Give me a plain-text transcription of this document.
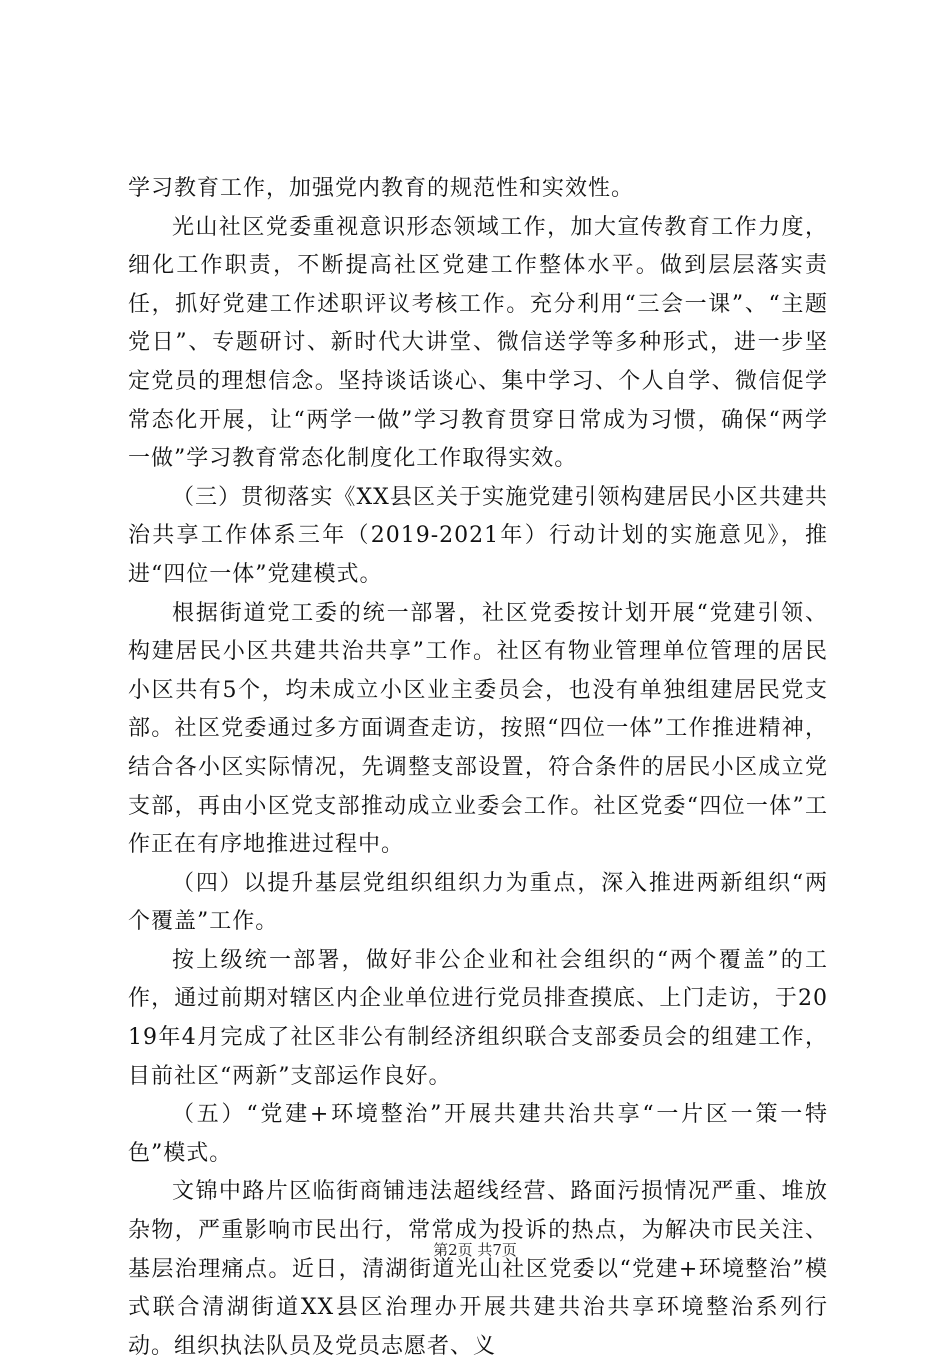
学习教育工作，加强党内教育的规范性和实效性。

光山社区党委重视意识形态领域工作，加大宣传教育工作力度，细化工作职责，不断提高社区党建工作整体水平。做到层层落实责任，抓好党建工作述职评议考核工作。充分利用“三会一课”、“主题党日”、专题研讨、新时代大讲堂、微信送学等多种形式，进一步坚定党员的理想信念。坚持谈话谈心、集中学习、个人自学、微信促学常态化开展，让“两学一做”学习教育贯穿日常成为习惯，确保“两学一做”学习教育常态化制度化工作取得实效。

（三）贯彻落实《XX县区关于实施党建引领构建居民小区共建共治共享工作体系三年（2019-2021年）行动计划的实施意见》，推进“四位一体”党建模式。

根据街道党工委的统一部署，社区党委按计划开展“党建引领、构建居民小区共建共治共享”工作。社区有物业管理单位管理的居民小区共有5个，均未成立小区业主委员会，也没有单独组建居民党支部。社区党委通过多方面调查走访，按照“四位一体”工作推进精神，结合各小区实际情况，先调整支部设置，符合条件的居民小区成立党支部，再由小区党支部推动成立业委会工作。社区党委“四位一体”工作正在有序地推进过程中。

（四）以提升基层党组织组织力为重点，深入推进两新组织“两个覆盖”工作。

按上级统一部署，做好非公企业和社会组织的“两个覆盖”的工作，通过前期对辖区内企业单位进行党员排查摸底、上门走访，于2019年4月完成了社区非公有制经济组织联合支部委员会的组建工作，目前社区“两新”支部运作良好。

（五）“党建+环境整治”开展共建共治共享“一片区一策一特色”模式。

文锦中路片区临街商铺违法超线经营、路面污损情况严重、堆放杂物，严重影响市民出行，常常成为投诉的热点，为解决市民关注、基层治理痛点。近日，清湖街道光山社区党委以“党建+环境整治”模式联合清湖街道XX县区治理办开展共建共治共享环境整治系列行动。组织执法队员及党员志愿者、义

第2页 共7页
